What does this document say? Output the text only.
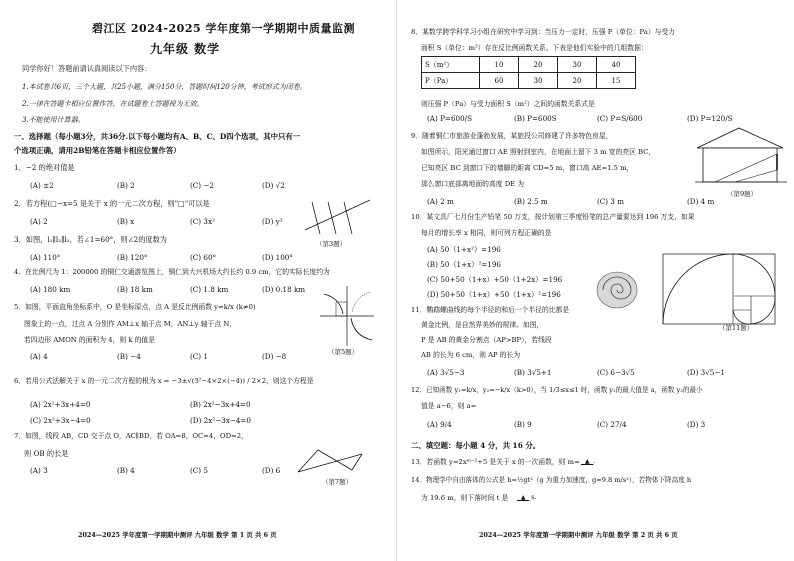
碧江区 2024-2025 学年度第一学期期中质量监测
九年级 数学
同学你好！答题前请认真阅读以下内容：
1.本试卷共6页，三个大题，共25小题，满分150分，答题时间120分钟，考试形式为闭卷。
2.一律在答题卡相应位置作答，在试题卷上答题视为无效。
3.不能使用计算器。
一、选择题（每小题3分，共36分.以下每小题均有A、B、C、D四个选项，其中只有一
个选项正确，请用2B铅笔在答题卡相应位置作答）
1．−2 的绝对值是
(A) ±2	(B) 2	(C) −2	(D) √2
2．若方程(□−x=5 是关于 x 的一元二次方程，则"□"可以是
(A) 2	(B) x	(C) 3x²	(D) y²
（第3题）
3．如图，l₁∥l₂∥l₃，若∠1=60°，则∠2的度数为
(A) 110°	(B) 120°	(C) 60°	(D) 100°
4．在比例尺为 1：200000 的铜仁交通游览图上，铜仁到大兴机场大约长约 0.9 cm，它的实际长度约为
(A) 180 km	(B) 18 km	(C) 1.8 km	(D) 0.18 km
5．如图，平面直角坐标系中，O 是坐标原点，点 A 是反比例函数 y=k/x (k≠0)
图象上的一点，过点 A 分别作 AM⊥x 轴于点 M，AN⊥y 轴于点 N，
若四边形 AMON 的面积为 4，则 k 的值是
(A) 4	(B) −4	(C) 1	(D) −8	（第5题）
6．若用公式法解关于 x 的一元二次方程的根为 x = −3±√(3²−4×2×(−4)) / 2×2，则这个方程是
(A) 2x²+3x+4=0	(B) 2x²−3x+4=0
(C) 2x²+3x−4=0	(D) 2x²−3x−4=0
7．如图，线段 AB，CD 交于点 O，AC∥BD，若 OA=8，OC=4，OD=2，
则 OB 的长是
(A) 3	(B) 4	(C) 5	(D) 6
（第7题）
2024—2025 学年度第一学期期中测评 九年级 数学 第 1 页 共 6 页
8．某数学跨学科学习小组在研究中学习到：当压力一定时，压强 P（单位：Pa）与受力
面积 S（单位：m²）存在反比例函数关系。下表是他们实验中的几组数据：
S（m²）	10	20	30	40
P（Pa）	60	30	20	15
则压强 P（Pa）与受力面积 S（m²）之间的函数关系式是
(A) P=600/S	(B) P=600S	(C) P=S/600	(D) P=120/S
9．随着铜仁市旅游业蓬勃发展，某旅投公司修建了许多特色房屋，
如图所示，阳光通过窗口 AE 照射到室内，在地面上留下 3 m 宽的亮区 BC，
已知亮区 BC 到窗口下的墙脚的距离 CD=5 m，窗口高 AE=1.5 m，
那么窗口底部离地面的高度 DE 为
(A) 2 m	(B) 2.5 m	(C) 3 m	(D) 4 m
（第9题）
10．某文具厂七月份生产铅笔 50 万支，按计划第三季度铅笔的总产量要达到 196 万支，如果
每月的增长率 x 相同，则可列方程正确的是
(A) 50（1+x²）=196
(B) 50（1+x）²=196
(C) 50+50（1+x）+50（1+2x）=196
(D) 50+50（1+x）+50（1+x）²=196
（第11题）
11．鹦鹉螺曲线的每个半径的和后一个半径的比都是
黄金比例，是自然界美妙的规律。如图，
P 是 AB 的黄金分割点（AP>BP），若线段
AB 的长为 6 cm，则 AP 的长为
(A) 3√5−3	(B) 3√5+1	(C) 6−3√5	(D) 3√5−1
12．已知函数 y₁=k/x，y₂=−k/x（k>0），当 1/3≤x≤1 时，函数 y₁的最大值是 a，函数 y₂的最小
值是 a−6，则 a=
(A) 9/4	(B) 9	(C) 27/4	(D) 3
二、填空题：每小题 4 分，共 16 分。
13．若函数 y=2xᵐ⁻²+5 是关于 x 的一次函数，则 m= ▲ .
14．物理学中自由落体的公式是 h=½gt²（g 为重力加速度，g=9.8 m/s²），若物体下降高度 h
为 19.6 m，则下落时间 t 是	▲ s.
2024—2025 学年度第一学期期中测评 九年级 数学 第 2 页 共 6 页
